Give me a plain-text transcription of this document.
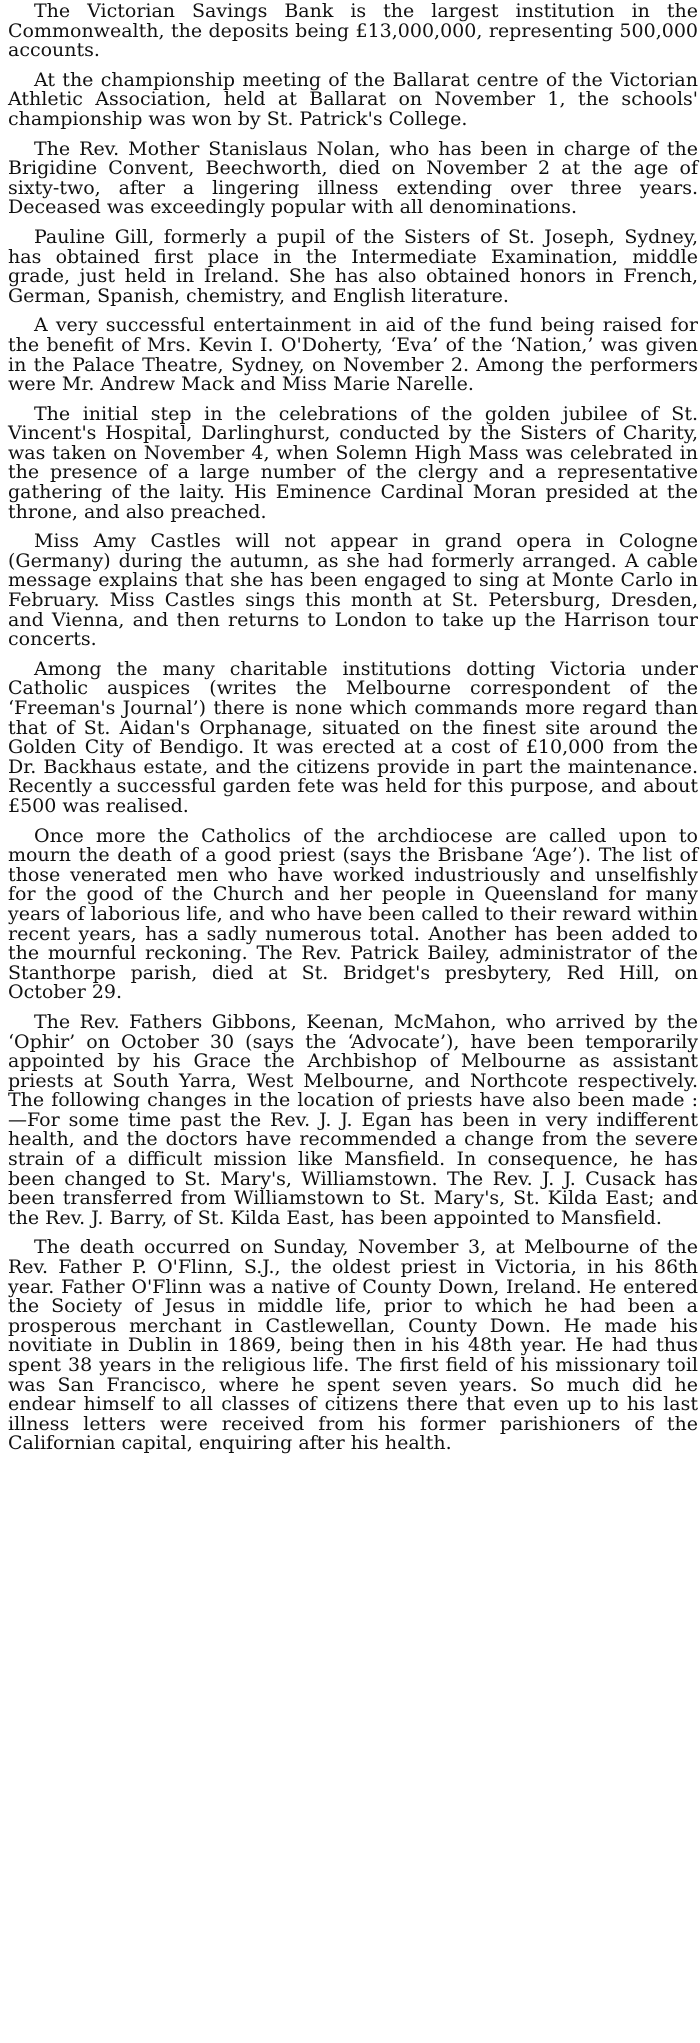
The Victorian Savings Bank is the largest institution in the Commonwealth, the deposits being £13,000,000, representing 500,000 accounts.

At the championship meeting of the Ballarat centre of the Victorian Athletic Association, held at Ballarat on November 1, the schools' championship was won by St. Patrick's College.

The Rev. Mother Stanislaus Nolan, who has been in charge of the Brigidine Convent, Beechworth, died on November 2 at the age of sixty-two, after a lingering illness extending over three years. Deceased was exceedingly popular with all denominations.

Pauline Gill, formerly a pupil of the Sisters of St. Joseph, Sydney, has obtained first place in the Intermediate Examination, middle grade, just held in Ireland. She has also obtained honors in French, German, Spanish, chemistry, and English literature.

A very successful entertainment in aid of the fund being raised for the benefit of Mrs. Kevin I. O'Doherty, ‘Eva’ of the ‘Nation,’ was given in the Palace Theatre, Sydney, on November 2. Among the performers were Mr. Andrew Mack and Miss Marie Narelle.

The initial step in the celebrations of the golden jubilee of St. Vincent's Hospital, Darlinghurst, conducted by the Sisters of Charity, was taken on November 4, when Solemn High Mass was celebrated in the presence of a large number of the clergy and a representative gathering of the laity. His Eminence Cardinal Moran presided at the throne, and also preached.

Miss Amy Castles will not appear in grand opera in Cologne (Germany) during the autumn, as she had formerly arranged. A cable message explains that she has been engaged to sing at Monte Carlo in February. Miss Castles sings this month at St. Petersburg, Dresden, and Vienna, and then returns to London to take up the Harrison tour concerts.

Among the many charitable institutions dotting Victoria under Catholic auspices (writes the Melbourne correspondent of the ‘Freeman's Journal’) there is none which commands more regard than that of St. Aidan's Orphanage, situated on the finest site around the Golden City of Bendigo. It was erected at a cost of £10,000 from the Dr. Backhaus estate, and the citizens provide in part the maintenance. Recently a successful garden fete was held for this purpose, and about £500 was realised.

Once more the Catholics of the archdiocese are called upon to mourn the death of a good priest (says the Brisbane ‘Age’). The list of those venerated men who have worked industriously and unselfishly for the good of the Church and her people in Queensland for many years of laborious life, and who have been called to their reward within recent years, has a sadly numerous total. Another has been added to the mournful reckoning. The Rev. Patrick Bailey, administrator of the Stanthorpe parish, died at St. Bridget's presbytery, Red Hill, on October 29.

The Rev. Fathers Gibbons, Keenan, McMahon, who arrived by the ‘Ophir’ on October 30 (says the ‘Advocate’), have been temporarily appointed by his Grace the Archbishop of Melbourne as assistant priests at South Yarra, West Melbourne, and Northcote respectively. The following changes in the location of priests have also been made :—For some time past the Rev. J. J. Egan has been in very indifferent health, and the doctors have recommended a change from the severe strain of a difficult mission like Mansfield. In consequence, he has been changed to St. Mary's, Williamstown. The Rev. J. J. Cusack has been transferred from Williamstown to St. Mary's, St. Kilda East; and the Rev. J. Barry, of St. Kilda East, has been appointed to Mansfield.

The death occurred on Sunday, November 3, at Melbourne of the Rev. Father P. O'Flinn, S.J., the oldest priest in Victoria, in his 86th year. Father O'Flinn was a native of County Down, Ireland. He entered the Society of Jesus in middle life, prior to which he had been a prosperous merchant in Castlewellan, County Down. He made his novitiate in Dublin in 1869, being then in his 48th year. He had thus spent 38 years in the religious life. The first field of his missionary toil was San Francisco, where he spent seven years. So much did he endear himself to all classes of citizens there that even up to his last illness letters were received from his former parishioners of the Californian capital, enquiring after his health.
